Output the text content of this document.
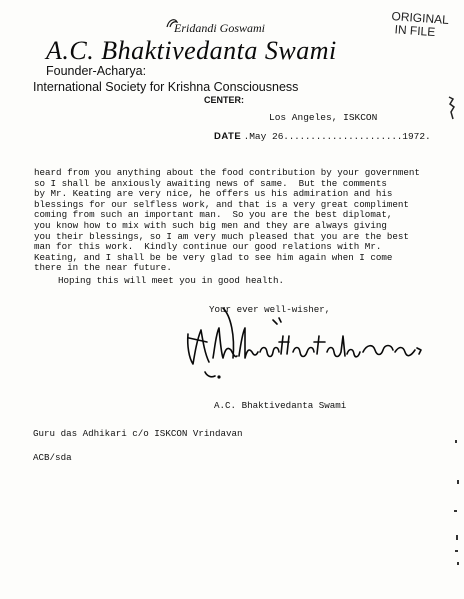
ORIGINAL
IN FILE
Eridandi Goswami
A.C. Bhaktivedanta Swami
Founder-Acharya:
International Society for Krishna Consciousness
CENTER:
Los Angeles, ISKCON
DATE .May 26......................1972.
heard from you anything about the food contribution by your government
so I shall be anxiously awaiting news of same.  But the comments
by Mr. Keating are very nice, he offers us his admiration and his
blessings for our selfless work, and that is a very great compliment
coming from such an important man.  So you are the best diplomat,
you know how to mix with such big men and they are always giving
you their blessings, so I am very much pleased that you are the best
man for this work.  Kindly continue our good relations with Mr.
Keating, and I shall be be very glad to see him again when I come
there in the near future.
Hoping this will meet you in good health.
Your ever well-wisher,
A.C. Bhaktivedanta Swami
Guru das Adhikari c/o ISKCON Vrindavan
ACB/sda
